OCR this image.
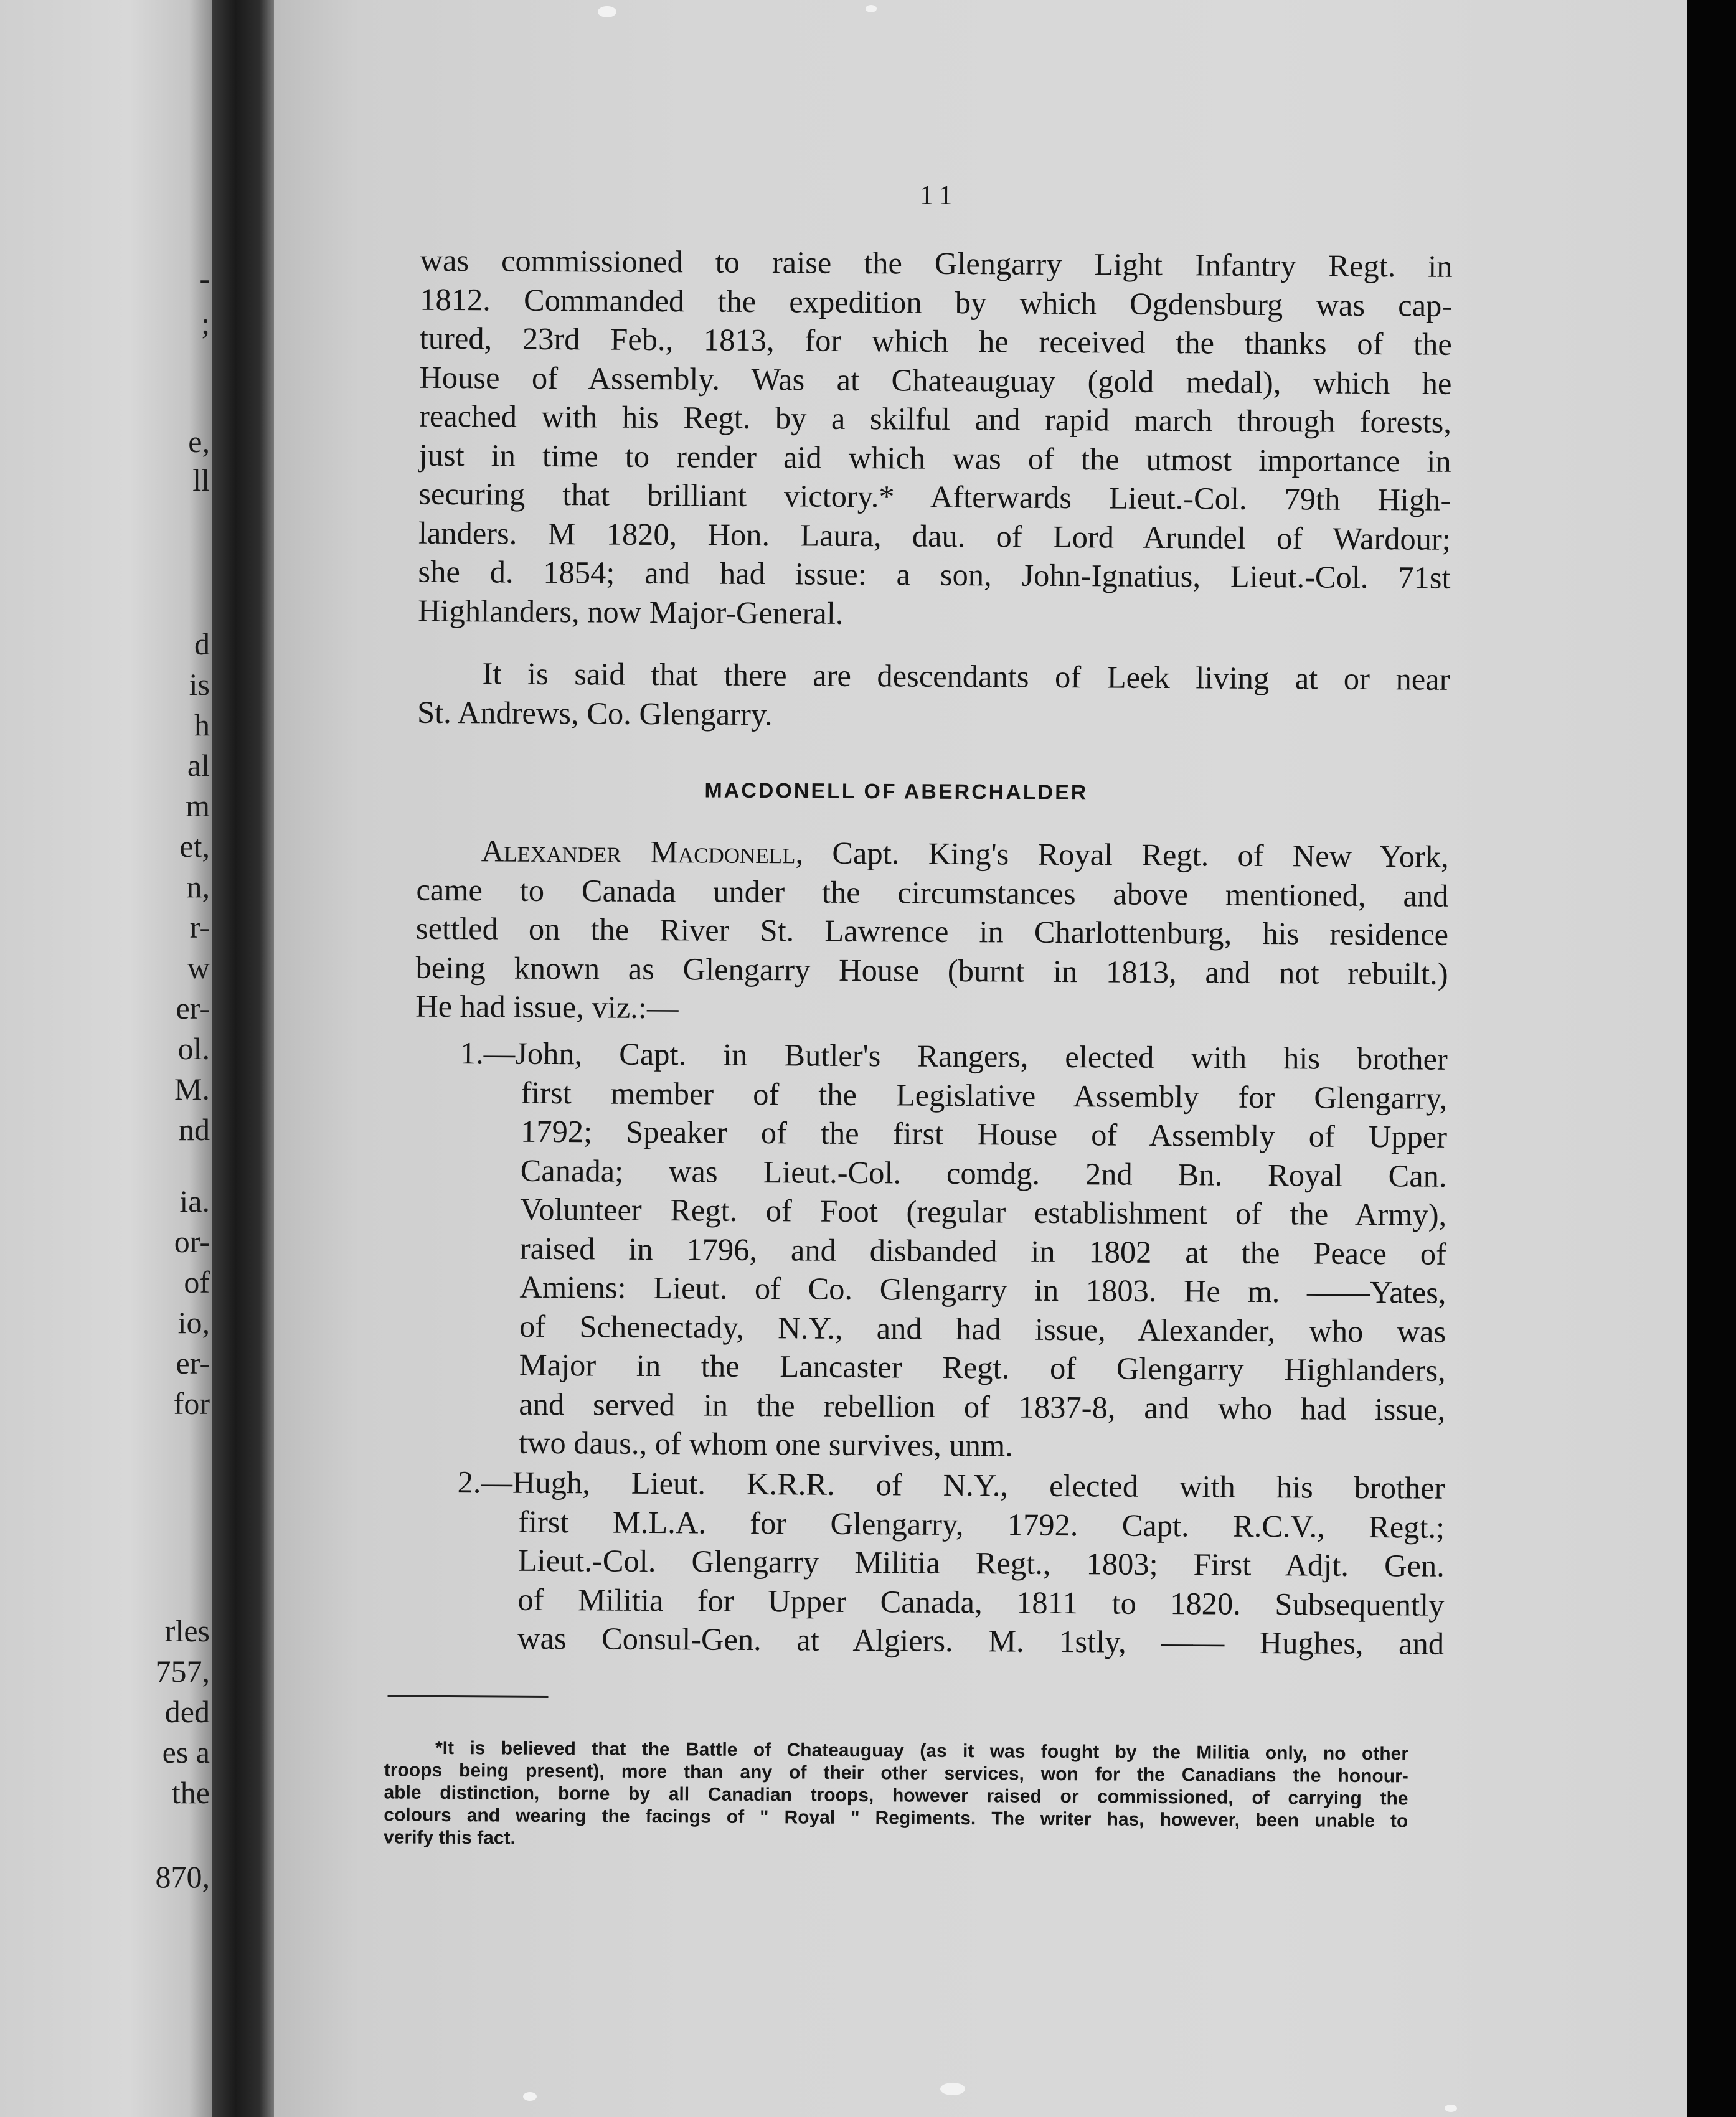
-
;
e,
ll
d
is
h
al
m
et,
n,
r-
w
er-
ol.
M.
nd
ia.
or-
of
io,
er-
for
rles
757,
ded
es a
the
870,
11
was commissioned to raise the Glengarry Light Infantry Regt. in
1812. Commanded the expedition by which Ogdensburg was cap-
tured, 23rd Feb., 1813, for which he received the thanks of the
House of Assembly. Was at Chateauguay (gold medal), which he
reached with his Regt. by a skilful and rapid march through forests,
just in time to render aid which was of the utmost importance in
securing that brilliant victory.* Afterwards Lieut.-Col. 79th High-
landers. M 1820, Hon. Laura, dau. of Lord Arundel of Wardour;
she d. 1854; and had issue: a son, John-Ignatius, Lieut.-Col. 71st
Highlanders, now Major-General.
It is said that there are descendants of Leek living at or near
St. Andrews, Co. Glengarry.
MACDONELL OF ABERCHALDER
Alexander Macdonell, Capt. King's Royal Regt. of New York,
came to Canada under the circumstances above mentioned, and
settled on the River St. Lawrence in Charlottenburg, his residence
being known as Glengarry House (burnt in 1813, and not rebuilt.)
He had issue, viz.:—
1.—John, Capt. in Butler's Rangers, elected with his brother
first member of the Legislative Assembly for Glengarry,
1792; Speaker of the first House of Assembly of Upper
Canada; was Lieut.-Col. comdg. 2nd Bn. Royal Can.
Volunteer Regt. of Foot (regular establishment of the Army),
raised in 1796, and disbanded in 1802 at the Peace of
Amiens: Lieut. of Co. Glengarry in 1803. He m. ——Yates,
of Schenectady, N.Y., and had issue, Alexander, who was
Major in the Lancaster Regt. of Glengarry Highlanders,
and served in the rebellion of 1837-8, and who had issue,
two daus., of whom one survives, unm.
2.—Hugh, Lieut. K.R.R. of N.Y., elected with his brother
first M.L.A. for Glengarry, 1792. Capt. R.C.V., Regt.;
Lieut.-Col. Glengarry Militia Regt., 1803; First Adjt. Gen.
of Militia for Upper Canada, 1811 to 1820. Subsequently
was Consul-Gen. at Algiers. M. 1stly, —— Hughes, and
*It is believed that the Battle of Chateauguay (as it was fought by the Militia only, no other
troops being present), more than any of their other services, won for the Canadians the honour-
able distinction, borne by all Canadian troops, however raised or commissioned, of carrying the
colours and wearing the facings of " Royal " Regiments. The writer has, however, been unable to
verify this fact.
